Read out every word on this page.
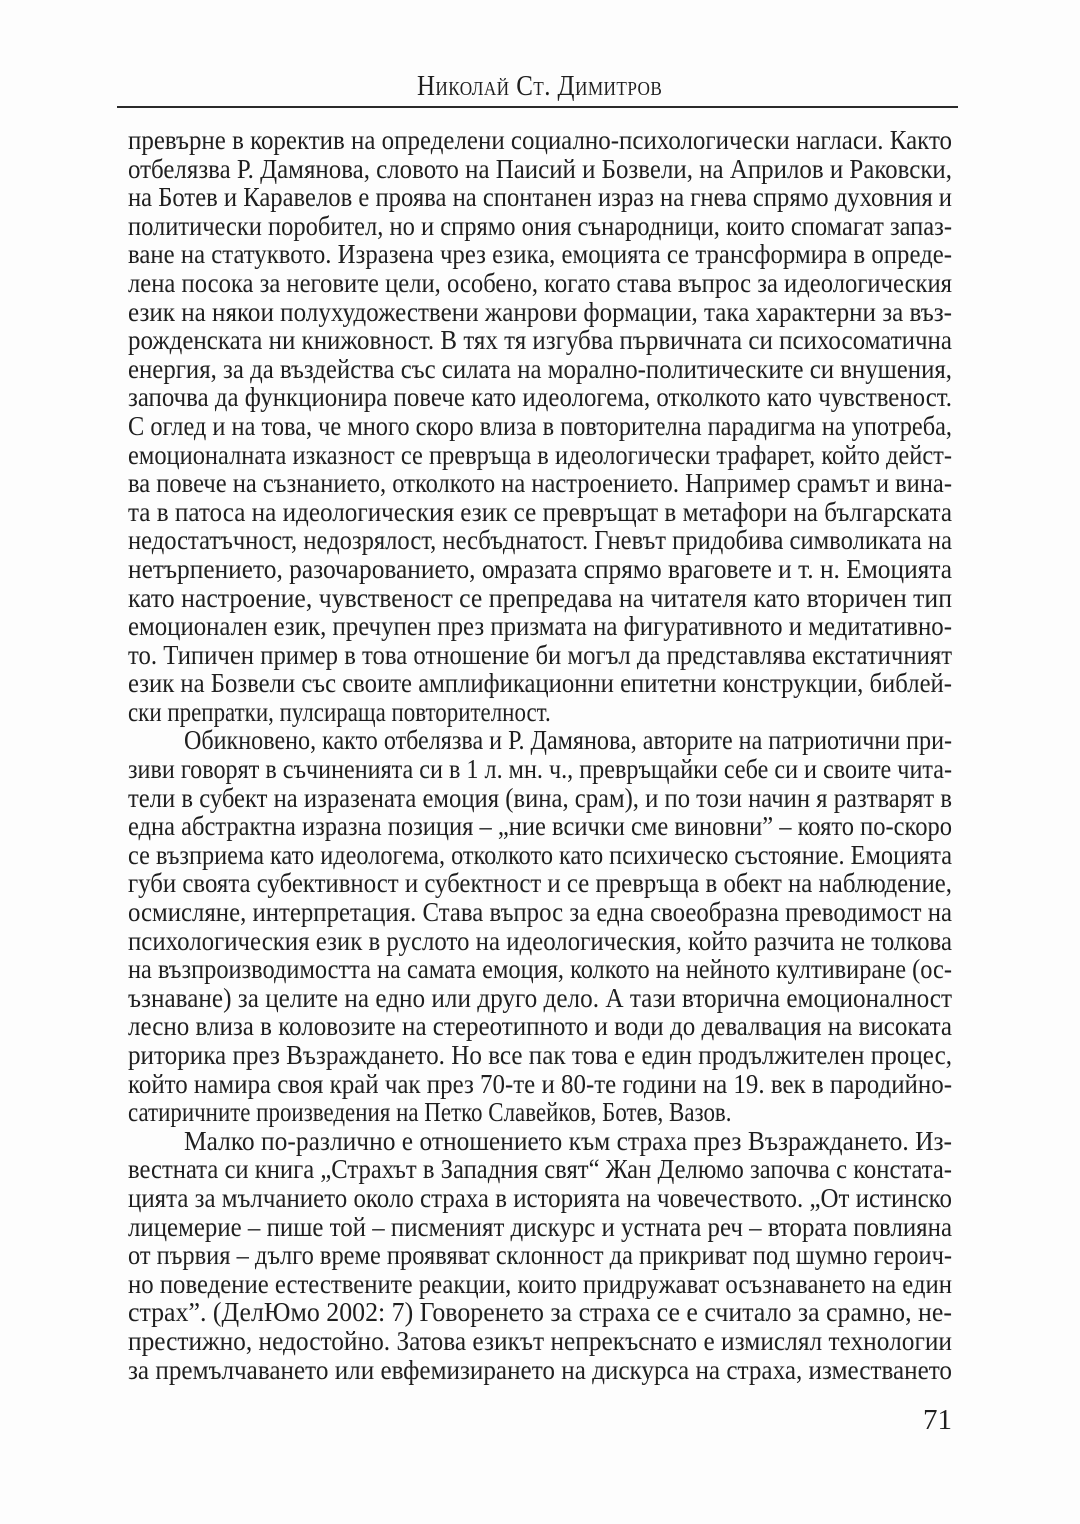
Николай Ст. Димитров
превърне в коректив на определени социално-психологически нагласи. Както
отбелязва Р. Дамянова, словото на Паисий и Бозвели, на Априлов и Раковски,
на Ботев и Каравелов е проява на спонтанен израз на гнева спрямо духовния и
политически поробител, но и спрямо ония сънародници, които спомагат запаз-
ване на статуквото. Изразена чрез езика, емоцията се трансформира в опреде-
лена посока за неговите цели, особено, когато става въпрос за идеологическия
език на някои полухудожествени жанрови формации, така характерни за въз-
рожденската ни книжовност. В тях тя изгубва първичната си психосоматична
енергия, за да въздейства със силата на морално-политическите си внушения,
започва да функционира повече като идеологема, отколкото като чувственост.
С оглед и на това, че много скоро влиза в повторителна парадигма на употреба,
емоционалната изказност се превръща в идеологически трафарет, който дейст-
ва повече на съзнанието, отколкото на настроението. Например срамът и вина-
та в патоса на идеологическия език се превръщат в метафори на българската
недостатъчност, недозрялост, несбъднатост. Гневът придобива символиката на
нетърпението, разочарованието, омразата спрямо враговете и т. н. Емоцията
като настроение, чувственост се препредава на читателя като вторичен тип
емоционален език, пречупен през призмата на фигуративното и медитативно-
то. Типичен пример в това отношение би могъл да представлява екстатичният
език на Бозвели със своите амплификационни епитетни конструкции, библей-
ски препратки, пулсираща повторителност.
Обикновено, както отбелязва и Р. Дамянова, авторите на патриотични при-
зиви говорят в съчиненията си в 1 л. мн. ч., превръщайки себе си и своите чита-
тели в субект на изразената емоция (вина, срам), и по този начин я разтварят в
една абстрактна изразна позиция – „ние всички сме виновни” – която по-скоро
се възприема като идеологема, отколкото като психическо състояние. Емоцията
губи своята субективност и субектност и се превръща в обект на наблюдение,
осмисляне, интерпретация. Става въпрос за една своеобразна преводимост на
психологическия език в руслото на идеологическия, който разчита не толкова
на възпроизводимостта на самата емоция, колкото на нейното култивиране (ос-
ъзнаване) за целите на едно или друго дело. А тази вторична емоционалност
лесно влиза в коловозите на стереотипното и води до девалвация на високата
риторика през Възраждането. Но все пак това е един продължителен процес,
който намира своя край чак през 70-те и 80-те години на 19. век в пародийно-
сатиричните произведения на Петко Славейков, Ботев, Вазов.
Малко по-различно е отношението към страха през Възраждането. Из-
вестната си книга „Страхът в Западния свят“ Жан Делюмо започва с констата-
цията за мълчанието около страха в историята на човечеството. „От истинско
лицемерие – пише той – писменият дискурс и устната реч – втората повлияна
от първия – дълго време проявяват склонност да прикриват под шумно героич-
но поведение естествените реакции, които придружават осъзнаването на един
страх”. (ДелЮмо 2002: 7) Говоренето за страха се е считало за срамно, не-
престижно, недостойно. Затова езикът непрекъснато е измислял технологии
за премълчаването или евфемизирането на дискурса на страха, изместването
71
